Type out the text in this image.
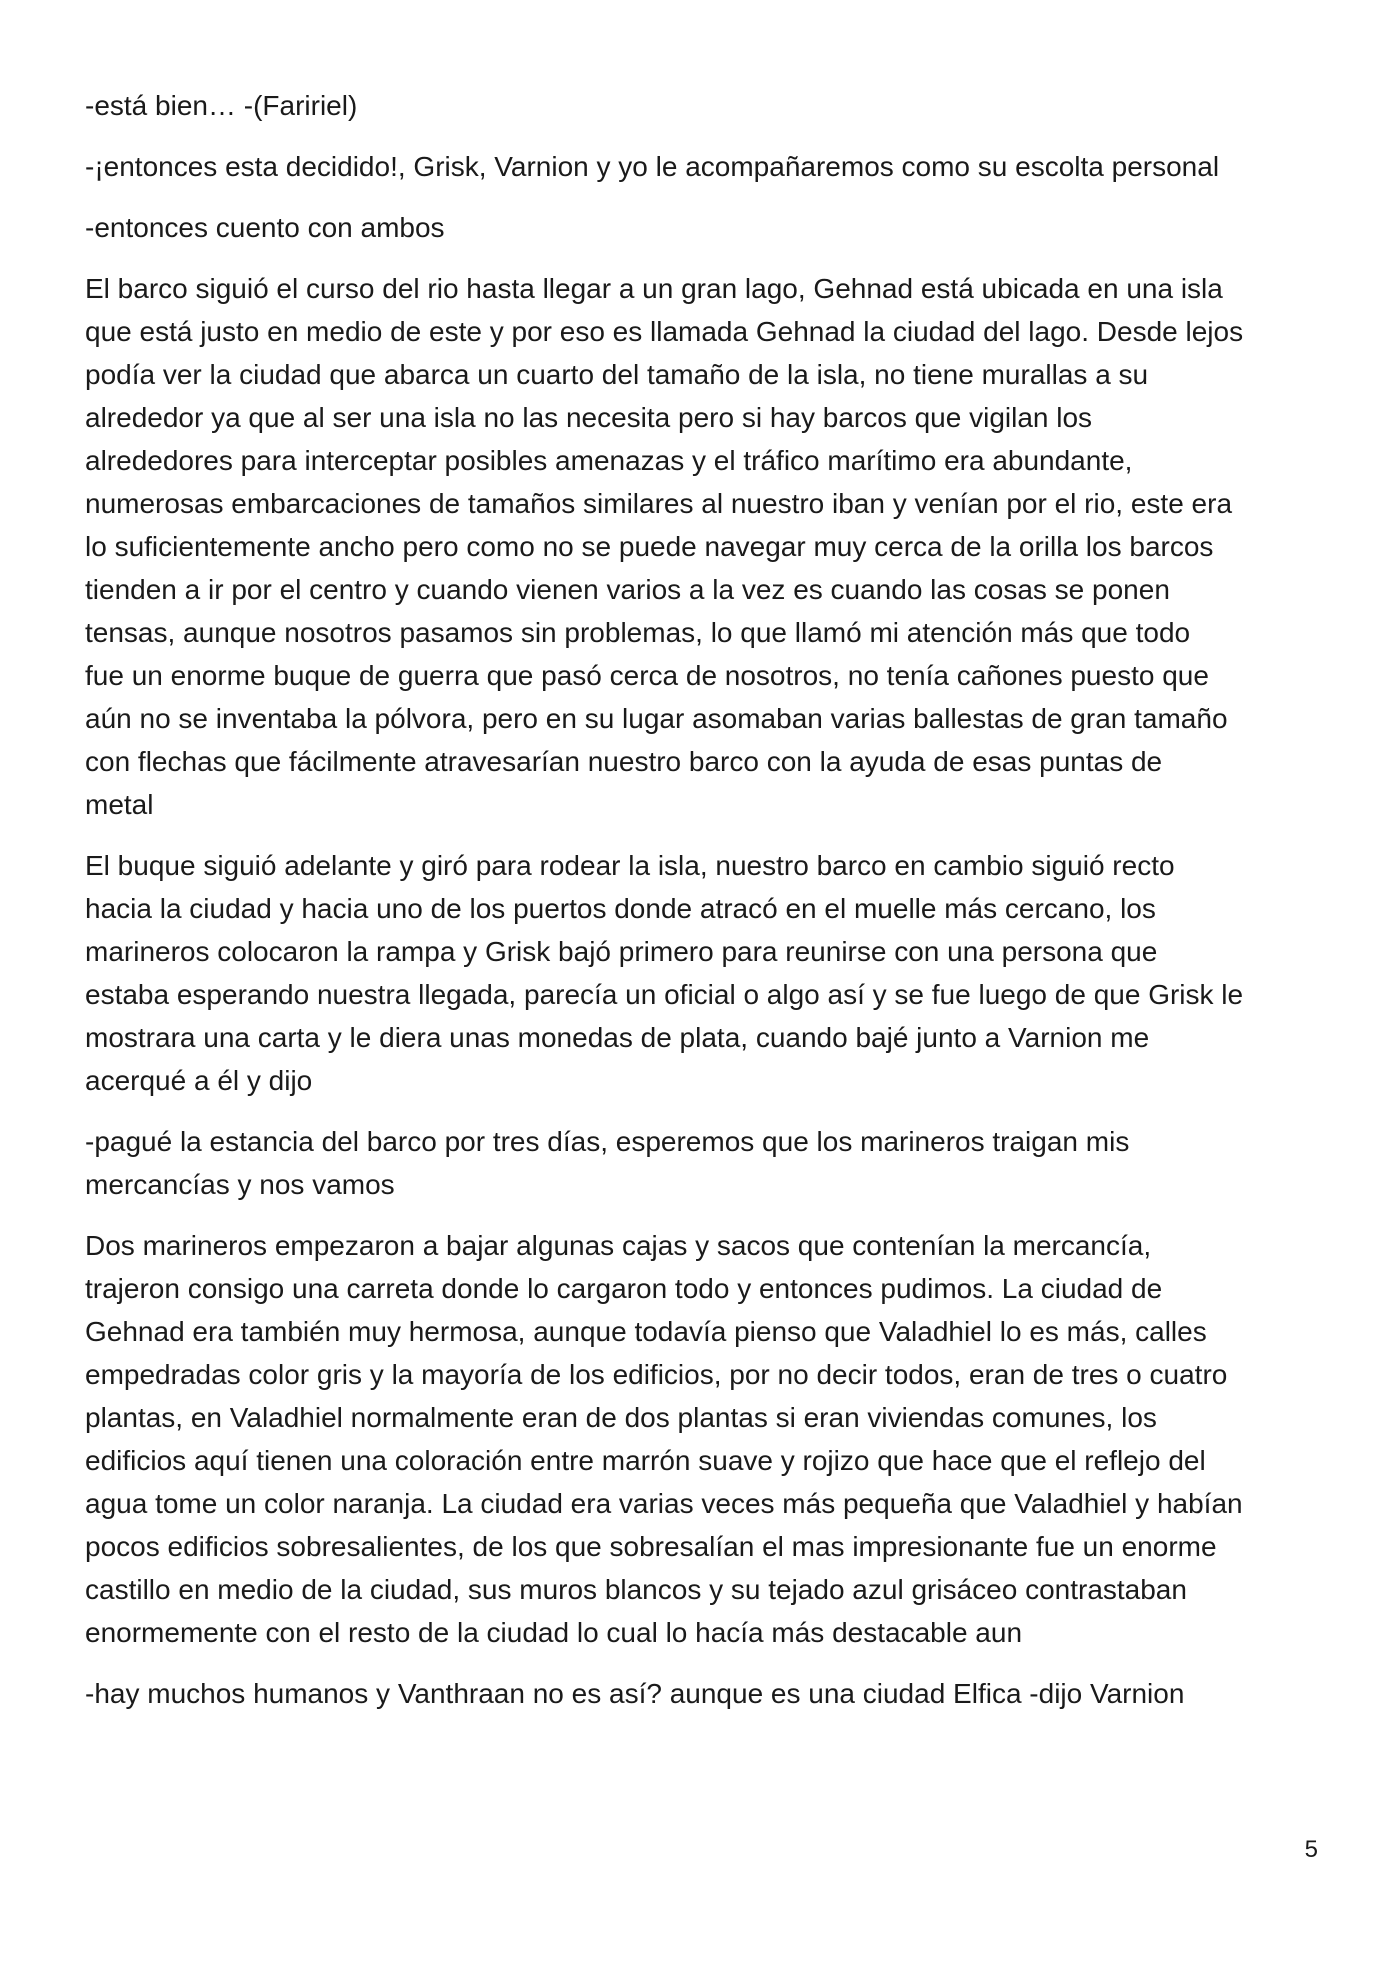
-está bien… -(Faririel)

-¡entonces esta decidido!, Grisk, Varnion y yo le acompañaremos como su escolta personal

-entonces cuento con ambos

El barco siguió el curso del rio hasta llegar a un gran lago, Gehnad está ubicada en una isla
que está justo en medio de este y por eso es llamada Gehnad la ciudad del lago. Desde lejos
podía ver la ciudad que abarca un cuarto del tamaño de la isla, no tiene murallas a su
alrededor ya que al ser una isla no las necesita pero si hay barcos que vigilan los
alrededores para interceptar posibles amenazas y el tráfico marítimo era abundante,
numerosas embarcaciones de tamaños similares al nuestro iban y venían por el rio, este era
lo suficientemente ancho pero como no se puede navegar muy cerca de la orilla los barcos
tienden a ir por el centro y cuando vienen varios a la vez es cuando las cosas se ponen
tensas, aunque nosotros pasamos sin problemas, lo que llamó mi atención más que todo
fue un enorme buque de guerra que pasó cerca de nosotros, no tenía cañones puesto que
aún no se inventaba la pólvora, pero en su lugar asomaban varias ballestas de gran tamaño
con flechas que fácilmente atravesarían nuestro barco con la ayuda de esas puntas de
metal

El buque siguió adelante y giró para rodear la isla, nuestro barco en cambio siguió recto
hacia la ciudad y hacia uno de los puertos donde atracó en el muelle más cercano, los
marineros colocaron la rampa y Grisk bajó primero para reunirse con una persona que
estaba esperando nuestra llegada, parecía un oficial o algo así y se fue luego de que Grisk le
mostrara una carta y le diera unas monedas de plata, cuando bajé junto a Varnion me
acerqué a él y dijo

-pagué la estancia del barco por tres días, esperemos que los marineros traigan mis
mercancías y nos vamos

Dos marineros empezaron a bajar algunas cajas y sacos que contenían la mercancía,
trajeron consigo una carreta donde lo cargaron todo y entonces pudimos. La ciudad de
Gehnad era también muy hermosa, aunque todavía pienso que Valadhiel lo es más, calles
empedradas color gris y la mayoría de los edificios, por no decir todos, eran de tres o cuatro
plantas, en Valadhiel normalmente eran de dos plantas si eran viviendas comunes, los
edificios aquí tienen una coloración entre marrón suave y rojizo que hace que el reflejo del
agua tome un color naranja. La ciudad era varias veces más pequeña que Valadhiel y habían
pocos edificios sobresalientes, de los que sobresalían el mas impresionante fue un enorme
castillo en medio de la ciudad, sus muros blancos y su tejado azul grisáceo contrastaban
enormemente con el resto de la ciudad lo cual lo hacía más destacable aun

-hay muchos humanos y Vanthraan no es así? aunque es una ciudad Elfica -dijo Varnion

5
